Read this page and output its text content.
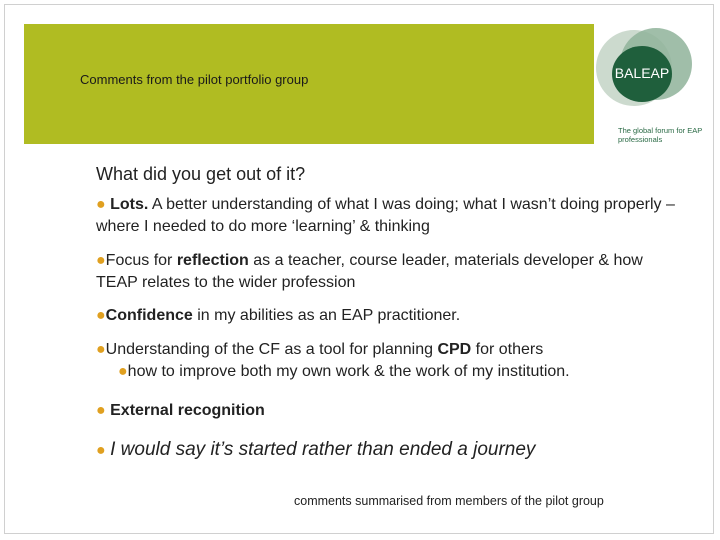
Comments from the pilot portfolio group	BALEAP
The global forum for EAP professionals
What did you get out of it?
● Lots. A better understanding of what I was doing; what I wasn’t doing properly – where I needed to do more ‘learning’ & thinking
●Focus for reflection as a teacher, course leader, materials developer & how TEAP relates to the wider profession
●Confidence in my abilities as an EAP practitioner.
●Understanding of the CF as a tool for planning CPD for others
●how to improve both my own work & the work of my institution.
● External recognition
● I would say it’s started rather than ended a journey
comments summarised from members of the pilot group
